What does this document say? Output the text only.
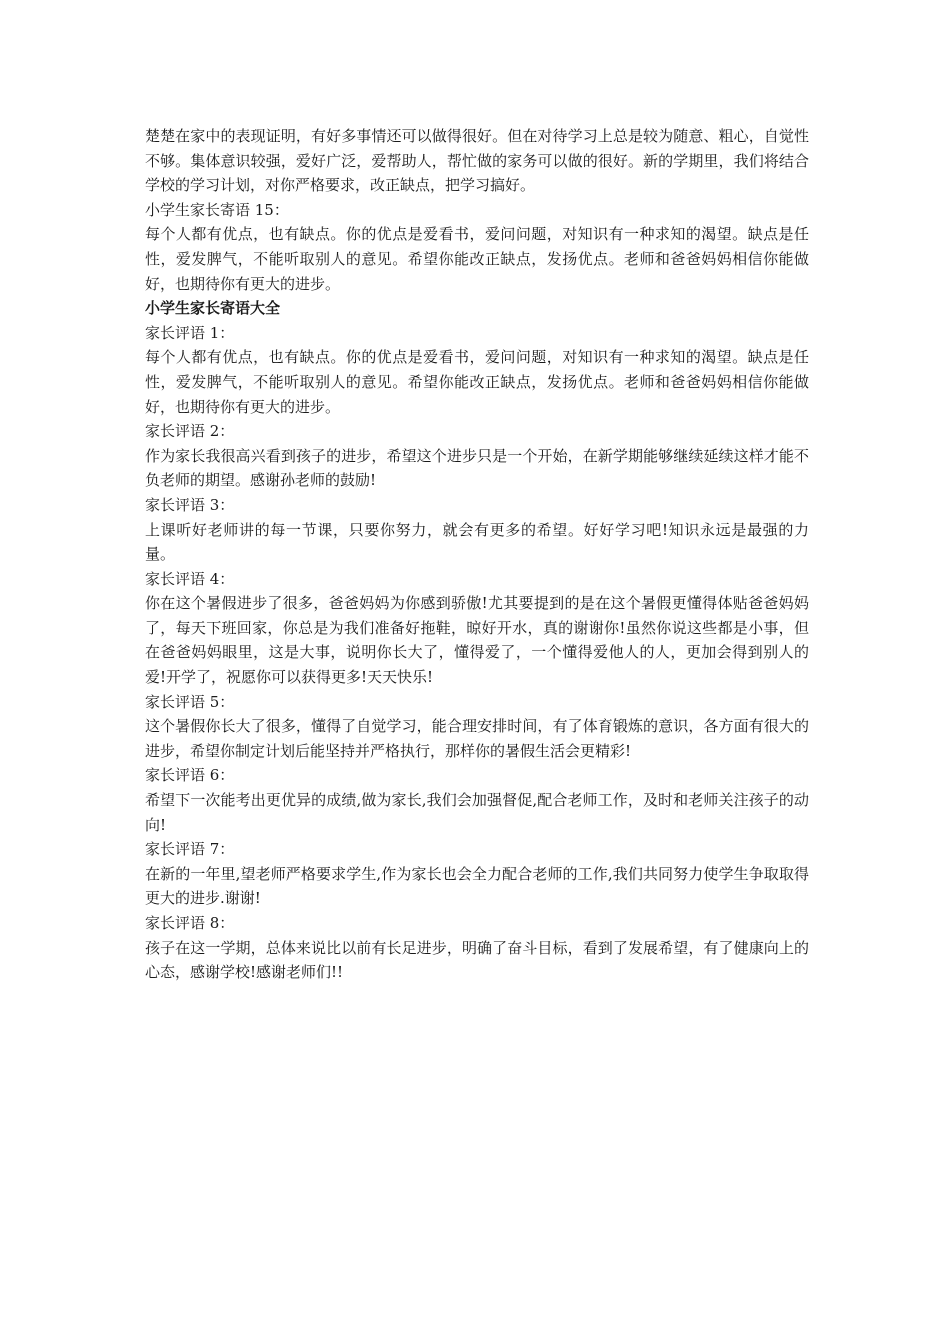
楚楚在家中的表现证明，有好多事情还可以做得很好。但在对待学习上总是较为随意、粗心，自觉性不够。集体意识较强，爱好广泛，爱帮助人，帮忙做的家务可以做的很好。新的学期里，我们将结合学校的学习计划，对你严格要求，改正缺点，把学习搞好。

小学生家长寄语 15：

每个人都有优点，也有缺点。你的优点是爱看书，爱问问题，对知识有一种求知的渴望。缺点是任性，爱发脾气，不能听取别人的意见。希望你能改正缺点，发扬优点。老师和爸爸妈妈相信你能做好，也期待你有更大的进步。

小学生家长寄语大全

家长评语 1：

每个人都有优点，也有缺点。你的优点是爱看书，爱问问题，对知识有一种求知的渴望。缺点是任性，爱发脾气，不能听取别人的意见。希望你能改正缺点，发扬优点。老师和爸爸妈妈相信你能做好，也期待你有更大的进步。

家长评语 2：

作为家长我很高兴看到孩子的进步，希望这个进步只是一个开始，在新学期能够继续延续这样才能不负老师的期望。感谢孙老师的鼓励!

家长评语 3：

上课听好老师讲的每一节课，只要你努力，就会有更多的希望。好好学习吧!知识永远是最强的力量。

家长评语 4：

你在这个暑假进步了很多，爸爸妈妈为你感到骄傲!尤其要提到的是在这个暑假更懂得体贴爸爸妈妈了，每天下班回家，你总是为我们准备好拖鞋，晾好开水，真的谢谢你!虽然你说这些都是小事，但在爸爸妈妈眼里，这是大事，说明你长大了，懂得爱了，一个懂得爱他人的人，更加会得到别人的爱!开学了，祝愿你可以获得更多!天天快乐!

家长评语 5：

这个暑假你长大了很多，懂得了自觉学习，能合理安排时间，有了体育锻炼的意识，各方面有很大的进步，希望你制定计划后能坚持并严格执行，那样你的暑假生活会更精彩!

家长评语 6：

希望下一次能考出更优异的成绩,做为家长,我们会加强督促,配合老师工作，及时和老师关注孩子的动向!

家长评语 7：

在新的一年里,望老师严格要求学生,作为家长也会全力配合老师的工作,我们共同努力使学生争取取得更大的进步.谢谢!

家长评语 8：

孩子在这一学期，总体来说比以前有长足进步，明确了奋斗目标，看到了发展希望，有了健康向上的心态，感谢学校!感谢老师们!!
